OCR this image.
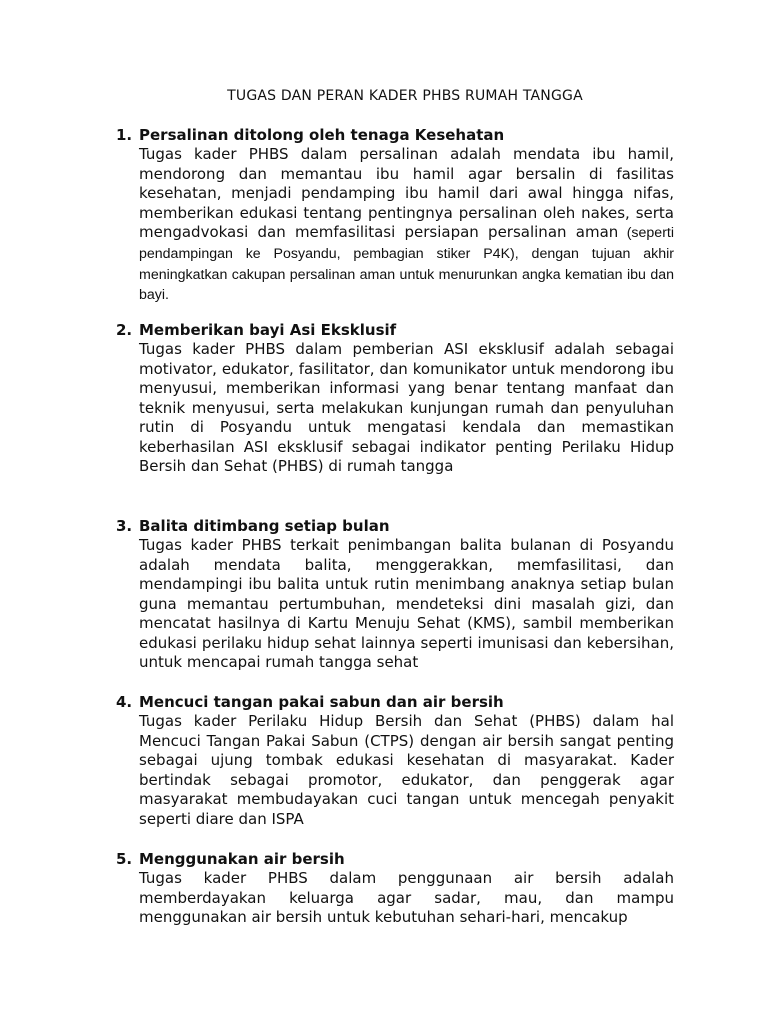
TUGAS DAN PERAN KADER PHBS RUMAH TANGGA

1. Persalinan ditolong oleh tenaga Kesehatan

Tugas kader PHBS dalam persalinan adalah mendata ibu hamil, mendorong dan memantau ibu hamil agar bersalin di fasilitas kesehatan, menjadi pendamping ibu hamil dari awal hingga nifas, memberikan edukasi tentang pentingnya persalinan oleh nakes, serta mengadvokasi dan memfasilitasi persiapan persalinan aman (seperti pendampingan ke Posyandu, pembagian stiker P4K), dengan tujuan akhir meningkatkan cakupan persalinan aman untuk menurunkan angka kematian ibu dan bayi.

2. Memberikan bayi Asi Eksklusif

Tugas kader PHBS dalam pemberian ASI eksklusif adalah sebagai motivator, edukator, fasilitator, dan komunikator untuk mendorong ibu menyusui, memberikan informasi yang benar tentang manfaat dan teknik menyusui, serta melakukan kunjungan rumah dan penyuluhan rutin di Posyandu untuk mengatasi kendala dan memastikan keberhasilan ASI eksklusif sebagai indikator penting Perilaku Hidup Bersih dan Sehat (PHBS) di rumah tangga

3. Balita ditimbang setiap bulan

Tugas kader PHBS terkait penimbangan balita bulanan di Posyandu adalah mendata balita, menggerakkan, memfasilitasi, dan mendampingi ibu balita untuk rutin menimbang anaknya setiap bulan guna memantau pertumbuhan, mendeteksi dini masalah gizi, dan mencatat hasilnya di Kartu Menuju Sehat (KMS), sambil memberikan edukasi perilaku hidup sehat lainnya seperti imunisasi dan kebersihan, untuk mencapai rumah tangga sehat

4. Mencuci tangan pakai sabun dan air bersih

Tugas kader Perilaku Hidup Bersih dan Sehat (PHBS) dalam hal Mencuci Tangan Pakai Sabun (CTPS) dengan air bersih sangat penting sebagai ujung tombak edukasi kesehatan di masyarakat. Kader bertindak sebagai promotor, edukator, dan penggerak agar masyarakat membudayakan cuci tangan untuk mencegah penyakit seperti diare dan ISPA

5. Menggunakan air bersih

Tugas kader PHBS dalam penggunaan air bersih adalah memberdayakan keluarga agar sadar, mau, dan mampu menggunakan air bersih untuk kebutuhan sehari-hari, mencakup
